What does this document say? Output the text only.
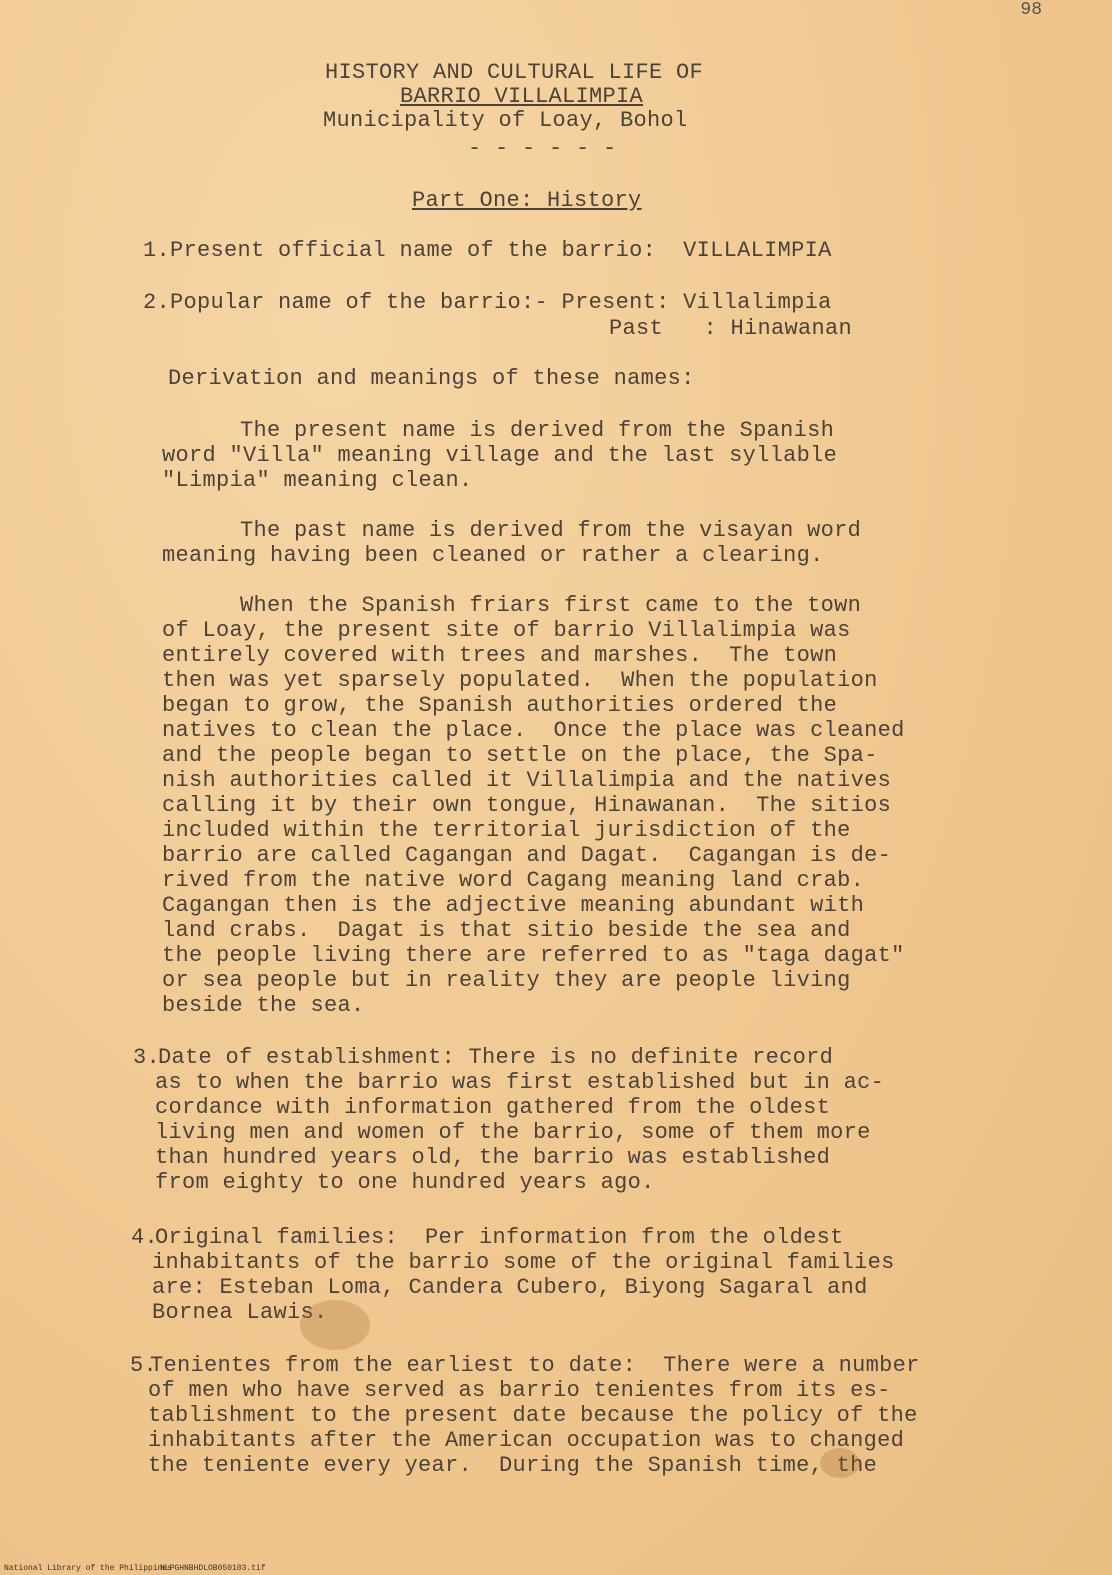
98
HISTORY AND CULTURAL LIFE OF
BARRIO VILLALIMPIA
Municipality of Loay, Bohol
- - - - - -
Part One: History
1. Present official name of the barrio:  VILLALIMPIA
2. Popular name of the barrio:- Present: Villalimpia
Past   : Hinawanan
Derivation and meanings of these names:
The present name is derived from the Spanish
word "Villa" meaning village and the last syllable
"Limpia" meaning clean.
The past name is derived from the visayan word
meaning having been cleaned or rather a clearing.
When the Spanish friars first came to the town
of Loay, the present site of barrio Villalimpia was
entirely covered with trees and marshes.  The town
then was yet sparsely populated.  When the population
began to grow, the Spanish authorities ordered the
natives to clean the place.  Once the place was cleaned
and the people began to settle on the place, the Spa-
nish authorities called it Villalimpia and the natives
calling it by their own tongue, Hinawanan.  The sitios
included within the territorial jurisdiction of the
barrio are called Cagangan and Dagat.  Cagangan is de-
rived from the native word Cagang meaning land crab.
Cagangan then is the adjective meaning abundant with
land crabs.  Dagat is that sitio beside the sea and
the people living there are referred to as "taga dagat"
or sea people but in reality they are people living
beside the sea.
3.
Date of establishment: There is no definite record
as to when the barrio was first established but in ac-
cordance with information gathered from the oldest
living men and women of the barrio, some of them more
than hundred years old, the barrio was established
from eighty to one hundred years ago.
4.
Original families:  Per information from the oldest
inhabitants of the barrio some of the original families
are: Esteban Loma, Candera Cubero, Biyong Sagaral and
Bornea Lawis.
5.
Tenientes from the earliest to date:  There were a number
of men who have served as barrio tenientes from its es-
tablishment to the present date because the policy of the
inhabitants after the American occupation was to changed
the teniente every year.  During the Spanish time, the
National Library of the Philippines
NLPGHNBHDLOB050103.tif
